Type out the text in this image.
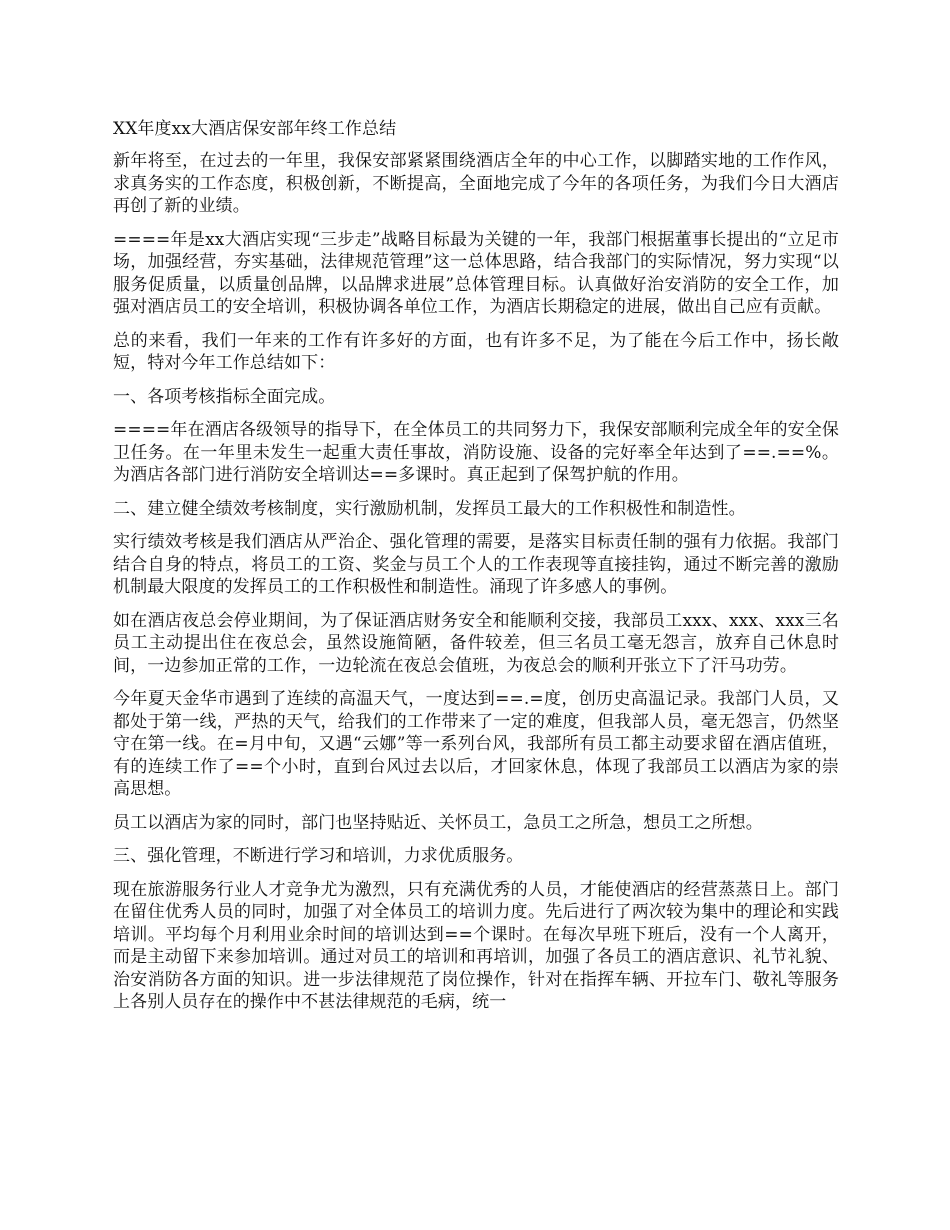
XX年度xx大酒店保安部年终工作总结

新年将至，在过去的一年里，我保安部紧紧围绕酒店全年的中心工作，以脚踏实地的工作作风，求真务实的工作态度，积极创新，不断提高，全面地完成了今年的各项任务，为我们今日大酒店再创了新的业绩。

====年是xx大酒店实现“三步走”战略目标最为关键的一年，我部门根据董事长提出的“立足市场，加强经营，夯实基础，法律规范管理”这一总体思路，结合我部门的实际情况，努力实现“以服务促质量，以质量创品牌，以品牌求进展”总体管理目标。认真做好治安消防的安全工作，加强对酒店员工的安全培训，积极协调各单位工作，为酒店长期稳定的进展，做出自己应有贡献。

总的来看，我们一年来的工作有许多好的方面，也有许多不足，为了能在今后工作中，扬长敞短，特对今年工作总结如下：

一、各项考核指标全面完成。

====年在酒店各级领导的指导下，在全体员工的共同努力下，我保安部顺利完成全年的安全保卫任务。在一年里未发生一起重大责任事故，消防设施、设备的完好率全年达到了==.==%。为酒店各部门进行消防安全培训达==多课时。真正起到了保驾护航的作用。

二、建立健全绩效考核制度，实行激励机制，发挥员工最大的工作积极性和制造性。

实行绩效考核是我们酒店从严治企、强化管理的需要，是落实目标责任制的强有力依据。我部门结合自身的特点，将员工的工资、奖金与员工个人的工作表现等直接挂钩，通过不断完善的激励机制最大限度的发挥员工的工作积极性和制造性。涌现了许多感人的事例。

如在酒店夜总会停业期间，为了保证酒店财务安全和能顺利交接，我部员工xxx、xxx、xxx三名员工主动提出住在夜总会，虽然设施简陋，备件较差，但三名员工毫无怨言，放弃自己休息时间，一边参加正常的工作，一边轮流在夜总会值班，为夜总会的顺利开张立下了汗马功劳。

今年夏天金华市遇到了连续的高温天气，一度达到==.=度，创历史高温记录。我部门人员，又都处于第一线，严热的天气，给我们的工作带来了一定的难度，但我部人员，毫无怨言，仍然坚守在第一线。在=月中旬，又遇“云娜”等一系列台风，我部所有员工都主动要求留在酒店值班，有的连续工作了==个小时，直到台风过去以后，才回家休息，体现了我部员工以酒店为家的崇高思想。

员工以酒店为家的同时，部门也坚持贴近、关怀员工，急员工之所急，想员工之所想。

三、强化管理，不断进行学习和培训，力求优质服务。

现在旅游服务行业人才竞争尤为激烈，只有充满优秀的人员，才能使酒店的经营蒸蒸日上。部门在留住优秀人员的同时，加强了对全体员工的培训力度。先后进行了两次较为集中的理论和实践培训。平均每个月利用业余时间的培训达到==个课时。在每次早班下班后，没有一个人离开，而是主动留下来参加培训。通过对员工的培训和再培训，加强了各员工的酒店意识、礼节礼貌、治安消防各方面的知识。进一步法律规范了岗位操作，针对在指挥车辆、开拉车门、敬礼等服务上各别人员存在的操作中不甚法律规范的毛病，统一
